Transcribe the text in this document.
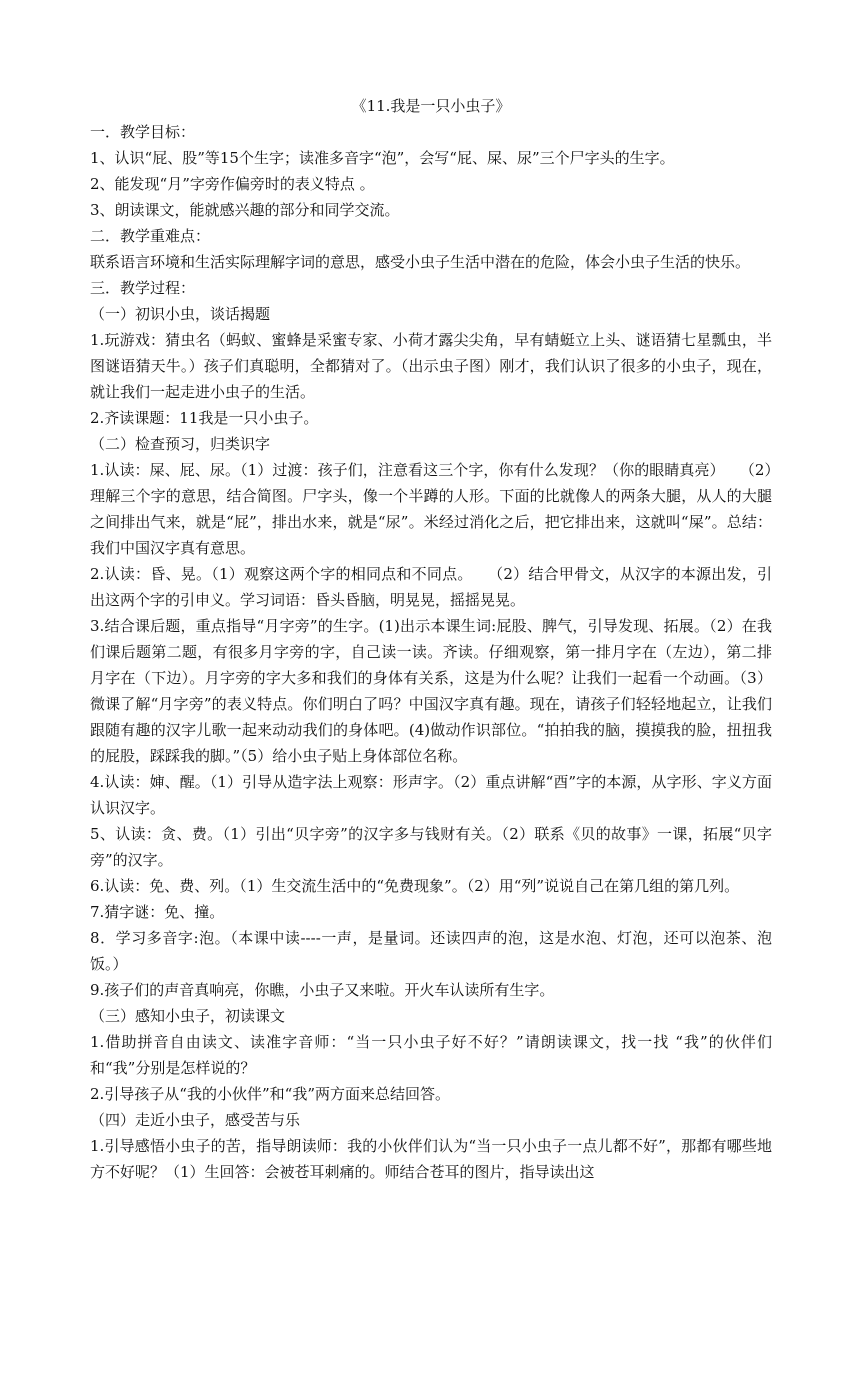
《11.我是一只小虫子》

一．教学目标：

1、认识“屁、股”等15个生字；读准多音字“泡”，会写“屁、屎、尿”三个尸字头的生字。

2、能发现“月”字旁作偏旁时的表义特点 。

3、朗读课文，能就感兴趣的部分和同学交流。

二．教学重难点：

联系语言环境和生活实际理解字词的意思，感受小虫子生活中潜在的危险，体会小虫子生活的快乐。

三．教学过程：

（一）初识小虫，谈话揭题

1.玩游戏：猜虫名（蚂蚁、蜜蜂是采蜜专家、小荷才露尖尖角，早有蜻蜓立上头、谜语猜七星瓢虫，半图谜语猜天牛。）孩子们真聪明，全都猜对了。（出示虫子图）刚才，我们认识了很多的小虫子，现在，就让我们一起走进小虫子的生活。

2.齐读课题：11我是一只小虫子。

（二）检查预习，归类识字

1.认读：屎、屁、尿。（1）过渡：孩子们，注意看这三个字，你有什么发现？（你的眼睛真亮）　　（2）理解三个字的意思，结合简图。尸字头，像一个半蹲的人形。下面的比就像人的两条大腿，从人的大腿之间排出气来，就是“屁”，排出水来，就是“尿”。米经过消化之后，把它排出来，这就叫“屎”。总结：我们中国汉字真有意思。

2.认读：昏、晃。（1）观察这两个字的相同点和不同点。　　（2）结合甲骨文，从汉字的本源出发，引出这两个字的引申义。学习词语：昏头昏脑，明晃晃，摇摇晃晃。

3.结合课后题，重点指导“月字旁”的生字。(1)出示本课生词:屁股、脾气，引导发现、拓展。（2）在我们课后题第二题，有很多月字旁的字，自己读一读。齐读。仔细观察，第一排月字在（左边），第二排月字在（下边）。月字旁的字大多和我们的身体有关系，这是为什么呢？让我们一起看一个动画。（3）微课了解“月字旁”的表义特点。你们明白了吗？中国汉字真有趣。现在，请孩子们轻轻地起立，让我们跟随有趣的汉字儿歌一起来动动我们的身体吧。(4)做动作识部位。“拍拍我的脑，摸摸我的脸，扭扭我的屁股，踩踩我的脚。”（5）给小虫子贴上身体部位名称。

4.认读：婶、醒。（1）引导从造字法上观察：形声字。（2）重点讲解“酉”字的本源，从字形、字义方面认识汉字。

5、认读：贪、费。（1）引出“贝字旁”的汉字多与钱财有关。（2）联系《贝的故事》一课，拓展“贝字旁”的汉字。

6.认读：免、费、列。（1）生交流生活中的“免费现象”。（2）用“列”说说自己在第几组的第几列。

7.猜字谜：免、撞。

8．学习多音字:泡。（本课中读----一声，是量词。还读四声的泡，这是水泡、灯泡，还可以泡茶、泡饭。）

9.孩子们的声音真响亮，你瞧，小虫子又来啦。开火车认读所有生字。

（三）感知小虫子，初读课文

1.借助拼音自由读文、读准字音师：“当一只小虫子好不好？”请朗读课文，找一找 “我”的伙伴们和“我”分别是怎样说的？

2.引导孩子从“我的小伙伴”和“我”两方面来总结回答。

（四）走近小虫子，感受苦与乐

1.引导感悟小虫子的苦，指导朗读师：我的小伙伴们认为“当一只小虫子一点儿都不好”，那都有哪些地方不好呢？（1）生回答：会被苍耳刺痛的。师结合苍耳的图片，指导读出这
